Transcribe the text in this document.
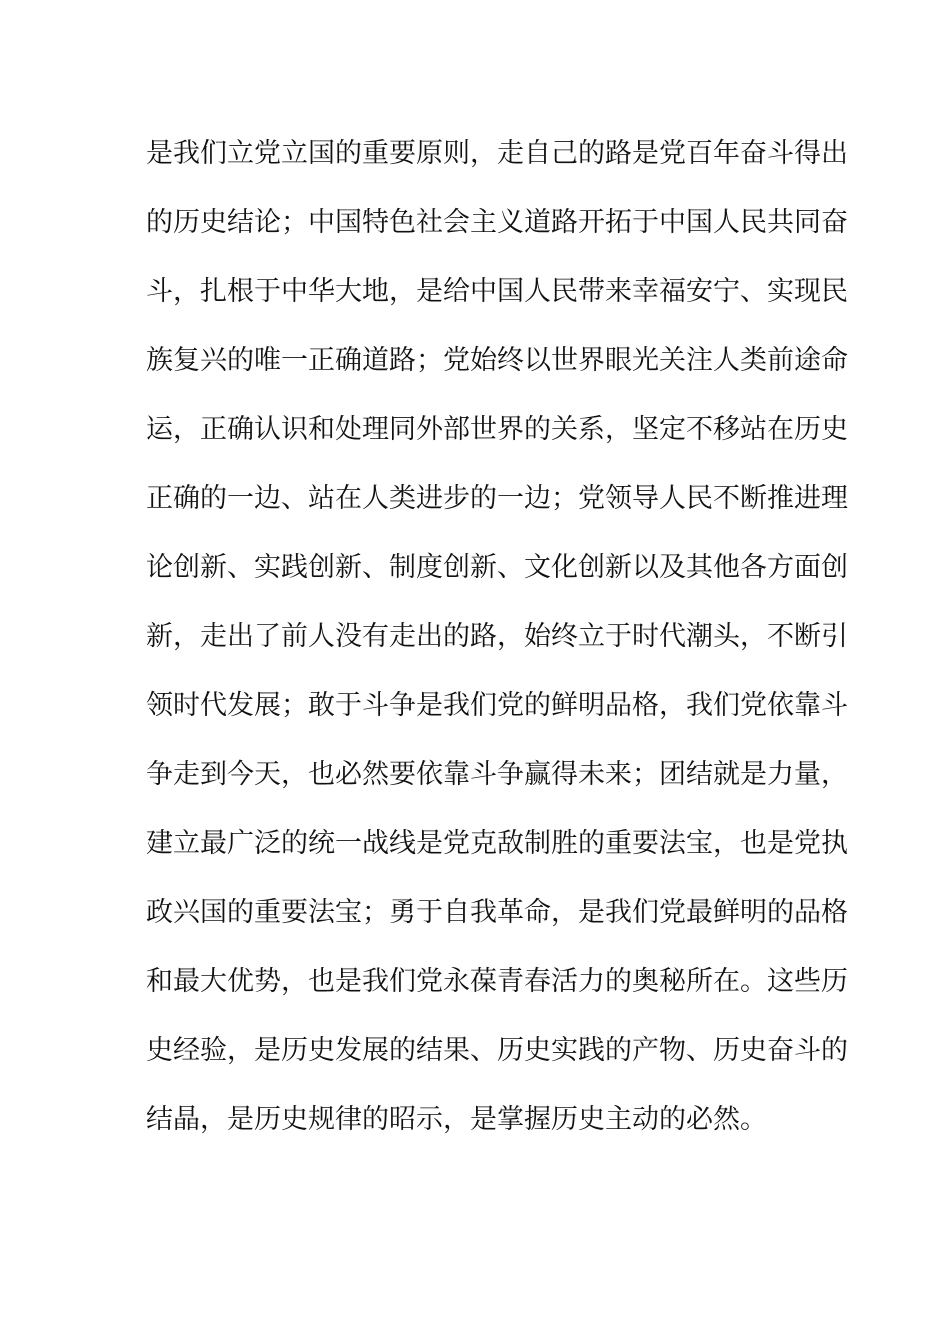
是我们立党立国的重要原则，走自己的路是党百年奋斗得出
的历史结论；中国特色社会主义道路开拓于中国人民共同奋
斗，扎根于中华大地，是给中国人民带来幸福安宁、实现民
族复兴的唯一正确道路；党始终以世界眼光关注人类前途命
运，正确认识和处理同外部世界的关系，坚定不移站在历史
正确的一边、站在人类进步的一边；党领导人民不断推进理
论创新、实践创新、制度创新、文化创新以及其他各方面创
新，走出了前人没有走出的路，始终立于时代潮头，不断引
领时代发展；敢于斗争是我们党的鲜明品格，我们党依靠斗
争走到今天，也必然要依靠斗争赢得未来；团结就是力量，
建立最广泛的统一战线是党克敌制胜的重要法宝，也是党执
政兴国的重要法宝；勇于自我革命，是我们党最鲜明的品格
和最大优势，也是我们党永葆青春活力的奥秘所在。这些历
史经验，是历史发展的结果、历史实践的产物、历史奋斗的
结晶，是历史规律的昭示，是掌握历史主动的必然。
